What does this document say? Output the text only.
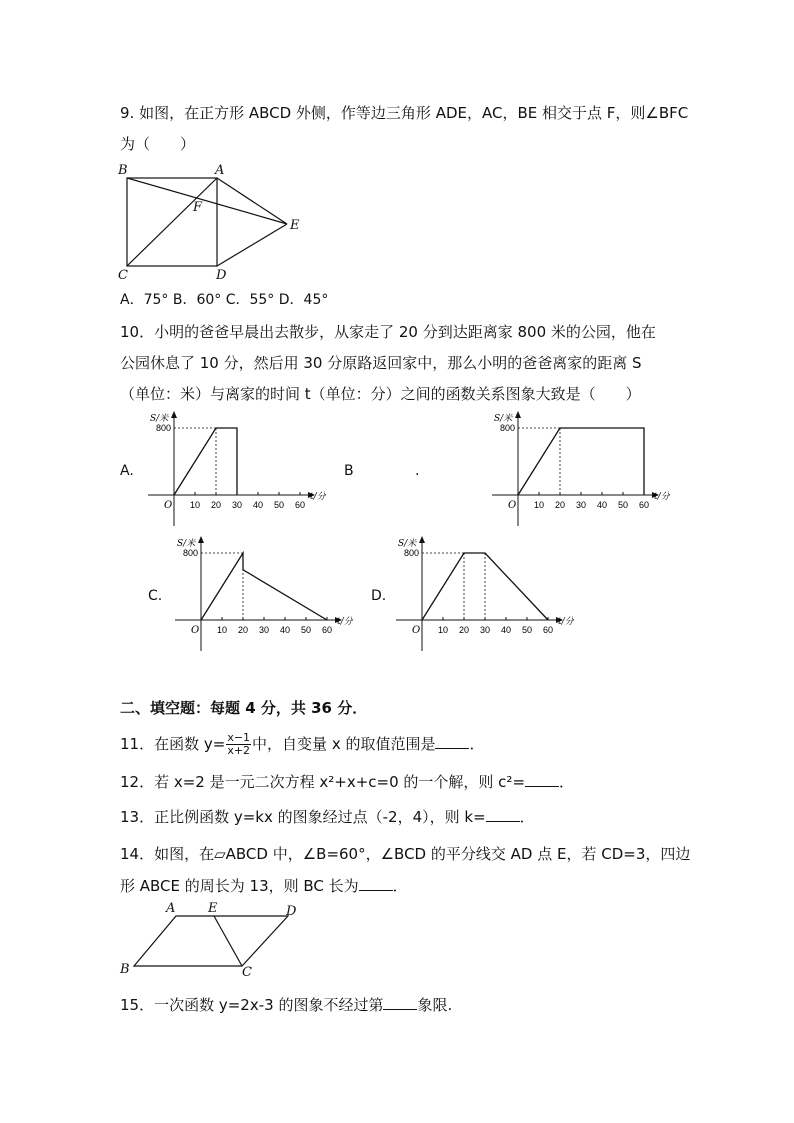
9. 如图，在正方形 ABCD 外侧，作等边三角形 ADE，AC，BE 相交于点 F，则∠BFC
为（　　）
B	A
F
E
C	D
A．75° B．60° C．55° D．45°
10．小明的爸爸早晨出去散步，从家走了 20 分到达距离家 800 米的公园，他在
公园休息了 10 分，然后用 30 分原路返回家中，那么小明的爸爸离家的距离 S
（单位：米）与离家的时间 t（单位：分）之间的函数关系图象大致是（　　）
A.	B	.
C.	D.
S/米
t/分
O 10 20 30 40 50 60
800
S/米
t/分
O 10 20 30 40 50 60
800
S/米
t/分
O 10 20 30 40 50 60
800
S/米
t/分
O 10 20 30 40 50 60
800
二、填空题：每题 4 分，共 36 分．
11．在函数 $y= \frac{x-1}{x+2}$ 中，自变量 x 的取值范围是 ．
12．若 x=2 是一元二次方程 x²+x+c=0 的一个解，则 c²= ．
13．正比例函数 y=kx 的图象经过点（-2，4），则 k= ．
14．如图，在▱ABCD 中，∠B=60°，∠BCD 的平分线交 AD 点 E，若 CD=3，四边
形 ABCE 的周长为 13，则 BC 长为 ．
A	E	D
B	C
15．一次函数 y=2x-3 的图象不经过第 象限.
